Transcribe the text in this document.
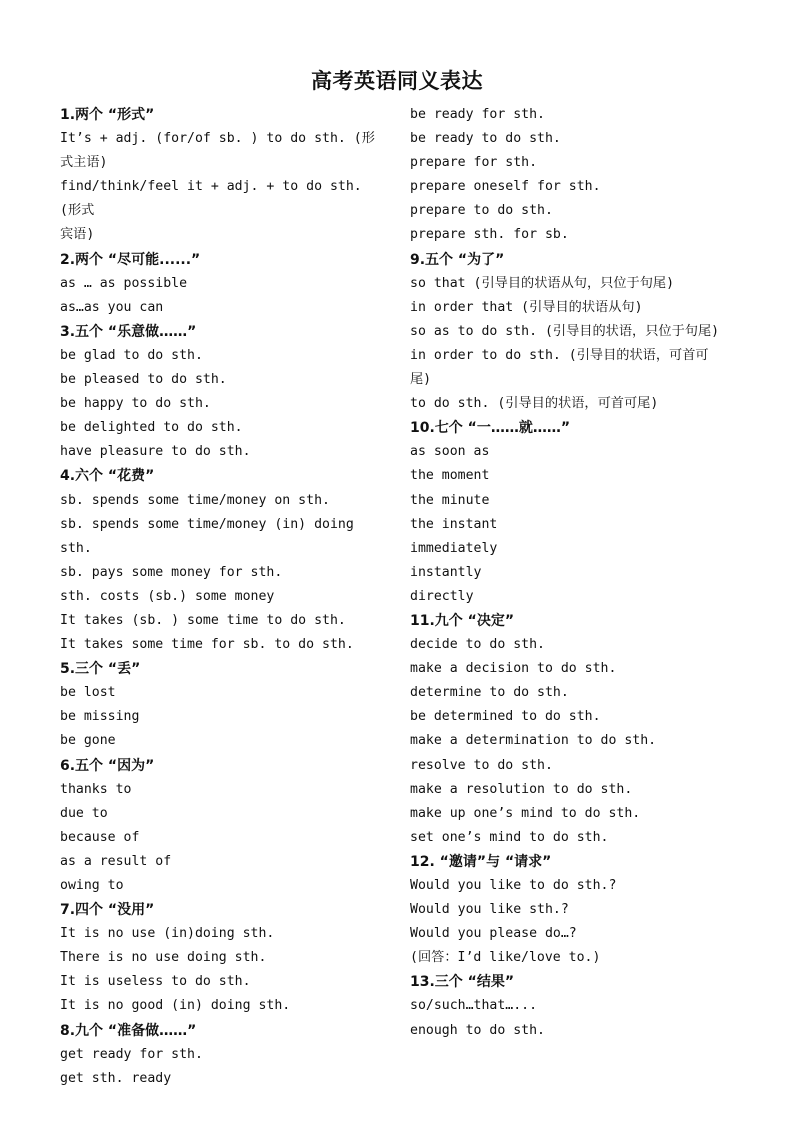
高考英语同义表达
1.两个 “形式”
It’s + adj. (for/of sb. ) to do sth. (形
式主语)
find/think/feel it + adj. + to do sth. (形式
宾语)
2.两个 “尽可能......”
as … as possible
as…as you can
3.五个 “乐意做……”
be glad to do sth.
be pleased to do sth.
be happy to do sth.
be delighted to do sth.
have pleasure to do sth.
4.六个 “花费”
sb. spends some time/money on sth.
sb. spends some time/money (in) doing sth.
sb. pays some money for sth.
sth. costs (sb.) some money
It takes (sb. ) some time to do sth.
It takes some time for sb. to do sth.
5.三个 “丢”
be lost
be missing
be gone
6.五个 “因为”
thanks to
due to
because of
as a result of
owing to
7.四个 “没用”
It is no use (in)doing sth.
There is no use doing sth.
It is useless to do sth.
It is no good (in) doing sth.
8.九个 “准备做……”
get ready for sth.
get sth. ready
be ready for sth.
be ready to do sth.
prepare for sth.
prepare oneself for sth.
prepare to do sth.
prepare sth. for sb.
9.五个 “为了”
so that (引导目的状语从句，只位于句尾)
in order that (引导目的状语从句)
so as to do sth. (引导目的状语，只位于句尾)
in order to do sth. (引导目的状语，可首可
尾)
to do sth. (引导目的状语，可首可尾)
10.七个 “一……就……”
as soon as
the moment
the minute
the instant
immediately
instantly
directly
11.九个 “决定”
decide to do sth.
make a decision to do sth.
determine to do sth.
be determined to do sth.
make a determination to do sth.
resolve to do sth.
make a resolution to do sth.
make up one’s mind to do sth.
set one’s mind to do sth.
12. “邀请”与 “请求”
Would you like to do sth.?
Would you like sth.?
Would you please do…?
(回答：I’d like/love to.)
13.三个 “结果”
so/such…that…...
enough to do sth.
